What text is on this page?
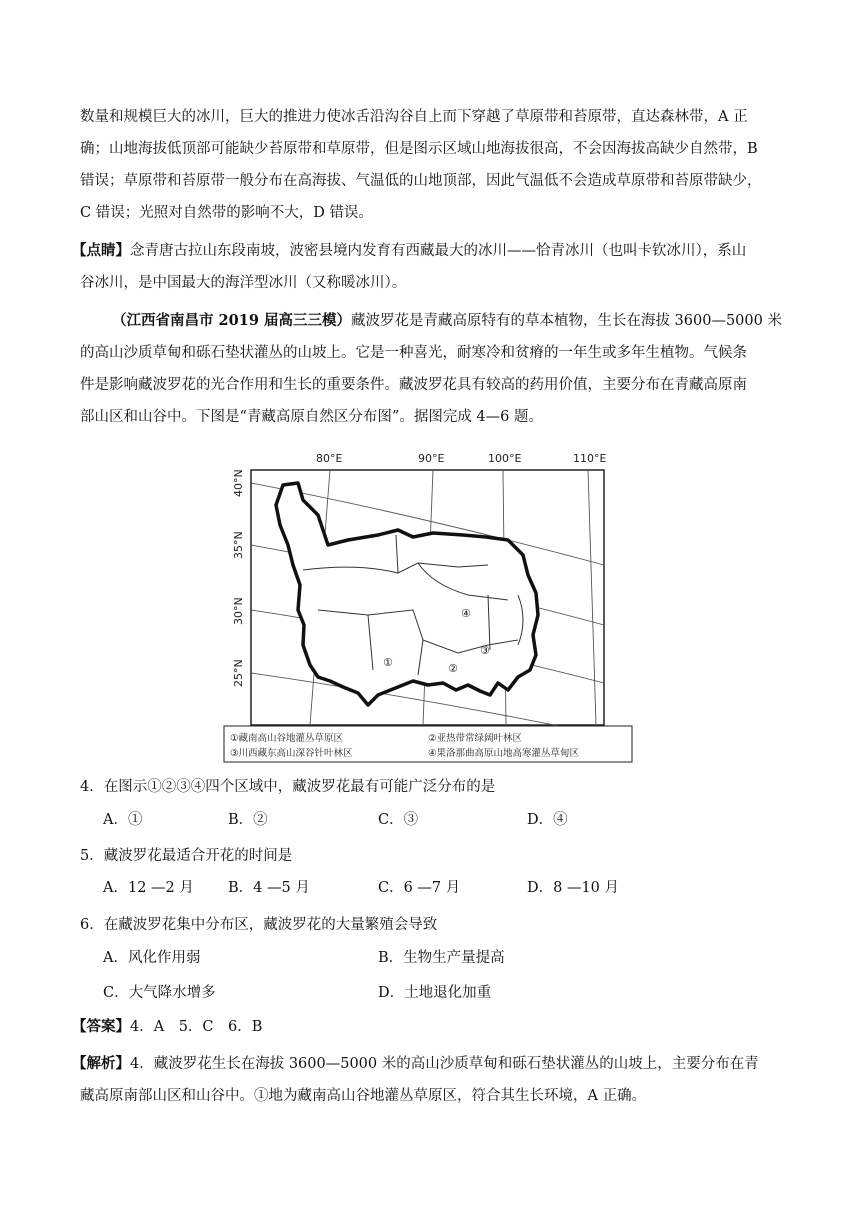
数量和规模巨大的冰川，巨大的推进力使冰舌沿沟谷自上而下穿越了草原带和苔原带，直达森林带，A 正

确；山地海拔低顶部可能缺少苔原带和草原带，但是图示区域山地海拔很高，不会因海拔高缺少自然带，B

错误；草原带和苔原带一般分布在高海拔、气温低的山地顶部，因此气温低不会造成草原带和苔原带缺少，

C 错误；光照对自然带的影响不大，D 错误。

【点睛】念青唐古拉山东段南坡，波密县境内发育有西藏最大的冰川——恰青冰川（也叫卡钦冰川），系山

谷冰川，是中国最大的海洋型冰川（又称暖冰川）。

（江西省南昌市 2019 届高三三模）藏波罗花是青藏高原特有的草本植物，生长在海拔 3600—5000 米

的高山沙质草甸和砾石垫状灌丛的山坡上。它是一种喜光，耐寒冷和贫瘠的一年生或多年生植物。气候条

件是影响藏波罗花的光合作用和生长的重要条件。藏波罗花具有较高的药用价值，主要分布在青藏高原南

部山区和山谷中。下图是“青藏高原自然区分布图”。据图完成 4—6 题。

80°E	90°E	100°E	110°E
40°N
35°N
30°N
25°N	①	②
③
④
①藏南高山谷地灌丛草原区	②亚热带常绿阔叶林区
③川西藏东高山深谷针叶林区	④果洛那曲高原山地高寒灌丛草甸区

4．在图示①②③④四个区域中，藏波罗花最有可能广泛分布的是

A．①	B．②	C．③	D．④

5．藏波罗花最适合开花的时间是

A．12 —2 月 B．4 —5 月	C．6 —7 月	D．8 —10 月

6．在藏波罗花集中分布区，藏波罗花的大量繁殖会导致

A．风化作用弱	B．生物生产量提高
C．大气降水增多	D．土地退化加重

【答案】4．A　5．C　6．B

【解析】4．藏波罗花生长在海拔 3600—5000 米的高山沙质草甸和砾石垫状灌丛的山坡上，主要分布在青

藏高原南部山区和山谷中。①地为藏南高山谷地灌丛草原区，符合其生长环境，A 正确。
